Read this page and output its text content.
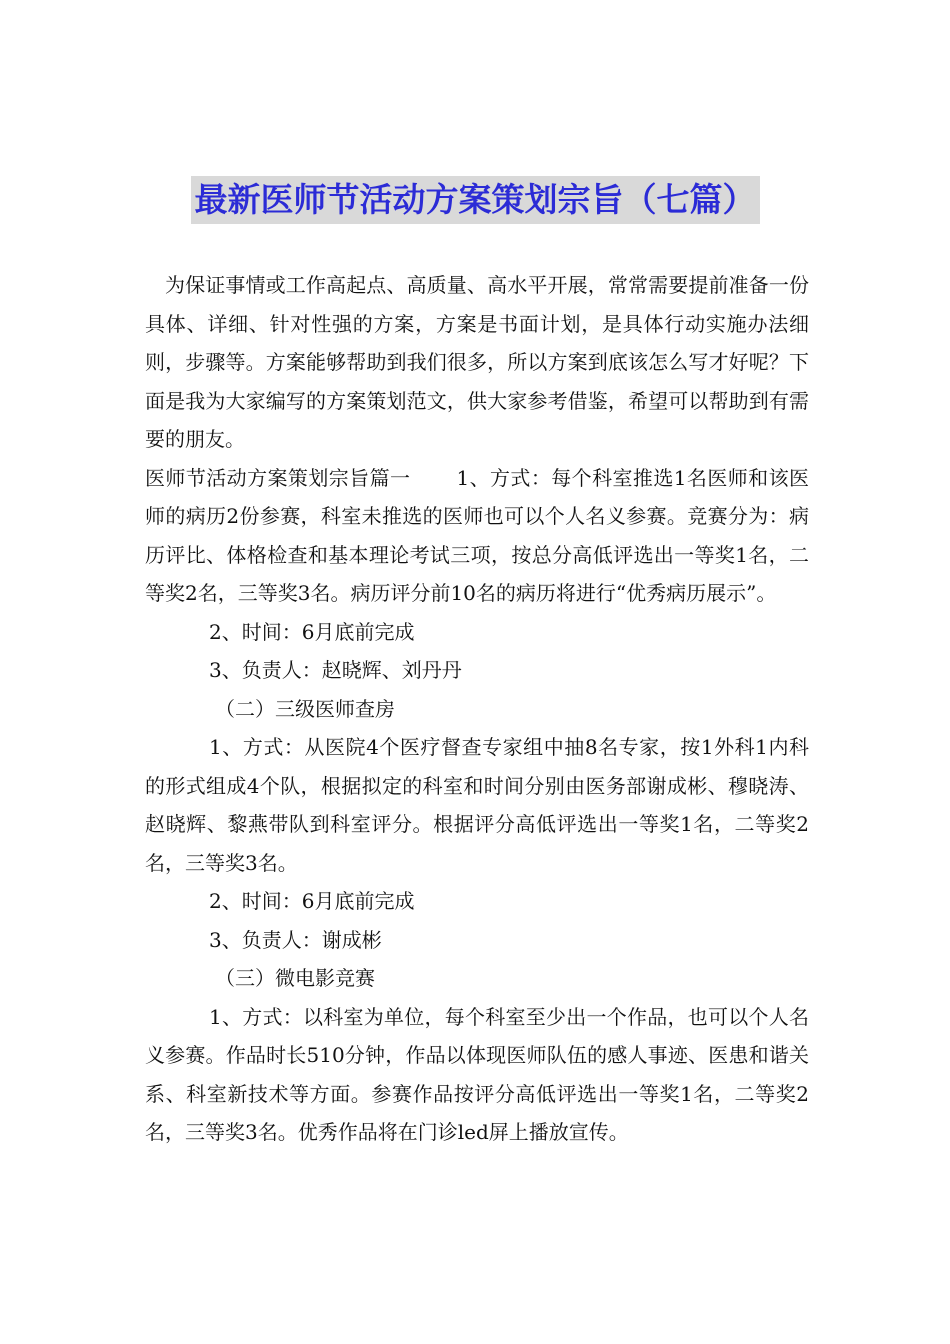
最新医师节活动方案策划宗旨（七篇）

为保证事情或工作高起点、高质量、高水平开展，常常需要提前准备一份具体、详细、针对性强的方案，方案是书面计划，是具体行动实施办法细则，步骤等。方案能够帮助到我们很多，所以方案到底该怎么写才好呢？下面是我为大家编写的方案策划范文，供大家参考借鉴，希望可以帮助到有需要的朋友。

医师节活动方案策划宗旨篇一 1、方式：每个科室推选1名医师和该医师的病历2份参赛，科室未推选的医师也可以个人名义参赛。竞赛分为：病历评比、体格检查和基本理论考试三项，按总分高低评选出一等奖1名，二等奖2名，三等奖3名。病历评分前10名的病历将进行“优秀病历展示”。

2、时间：6月底前完成

3、负责人：赵晓辉、刘丹丹

（二）三级医师查房

1、方式：从医院4个医疗督查专家组中抽8名专家，按1外科1内科的形式组成4个队，根据拟定的科室和时间分别由医务部谢成彬、穆晓涛、赵晓辉、黎燕带队到科室评分。根据评分高低评选出一等奖1名，二等奖2名，三等奖3名。

2、时间：6月底前完成

3、负责人：谢成彬

（三）微电影竞赛

1、方式：以科室为单位，每个科室至少出一个作品，也可以个人名义参赛。作品时长510分钟，作品以体现医师队伍的感人事迹、医患和谐关系、科室新技术等方面。参赛作品按评分高低评选出一等奖1名，二等奖2名，三等奖3名。优秀作品将在门诊led屏上播放宣传。
